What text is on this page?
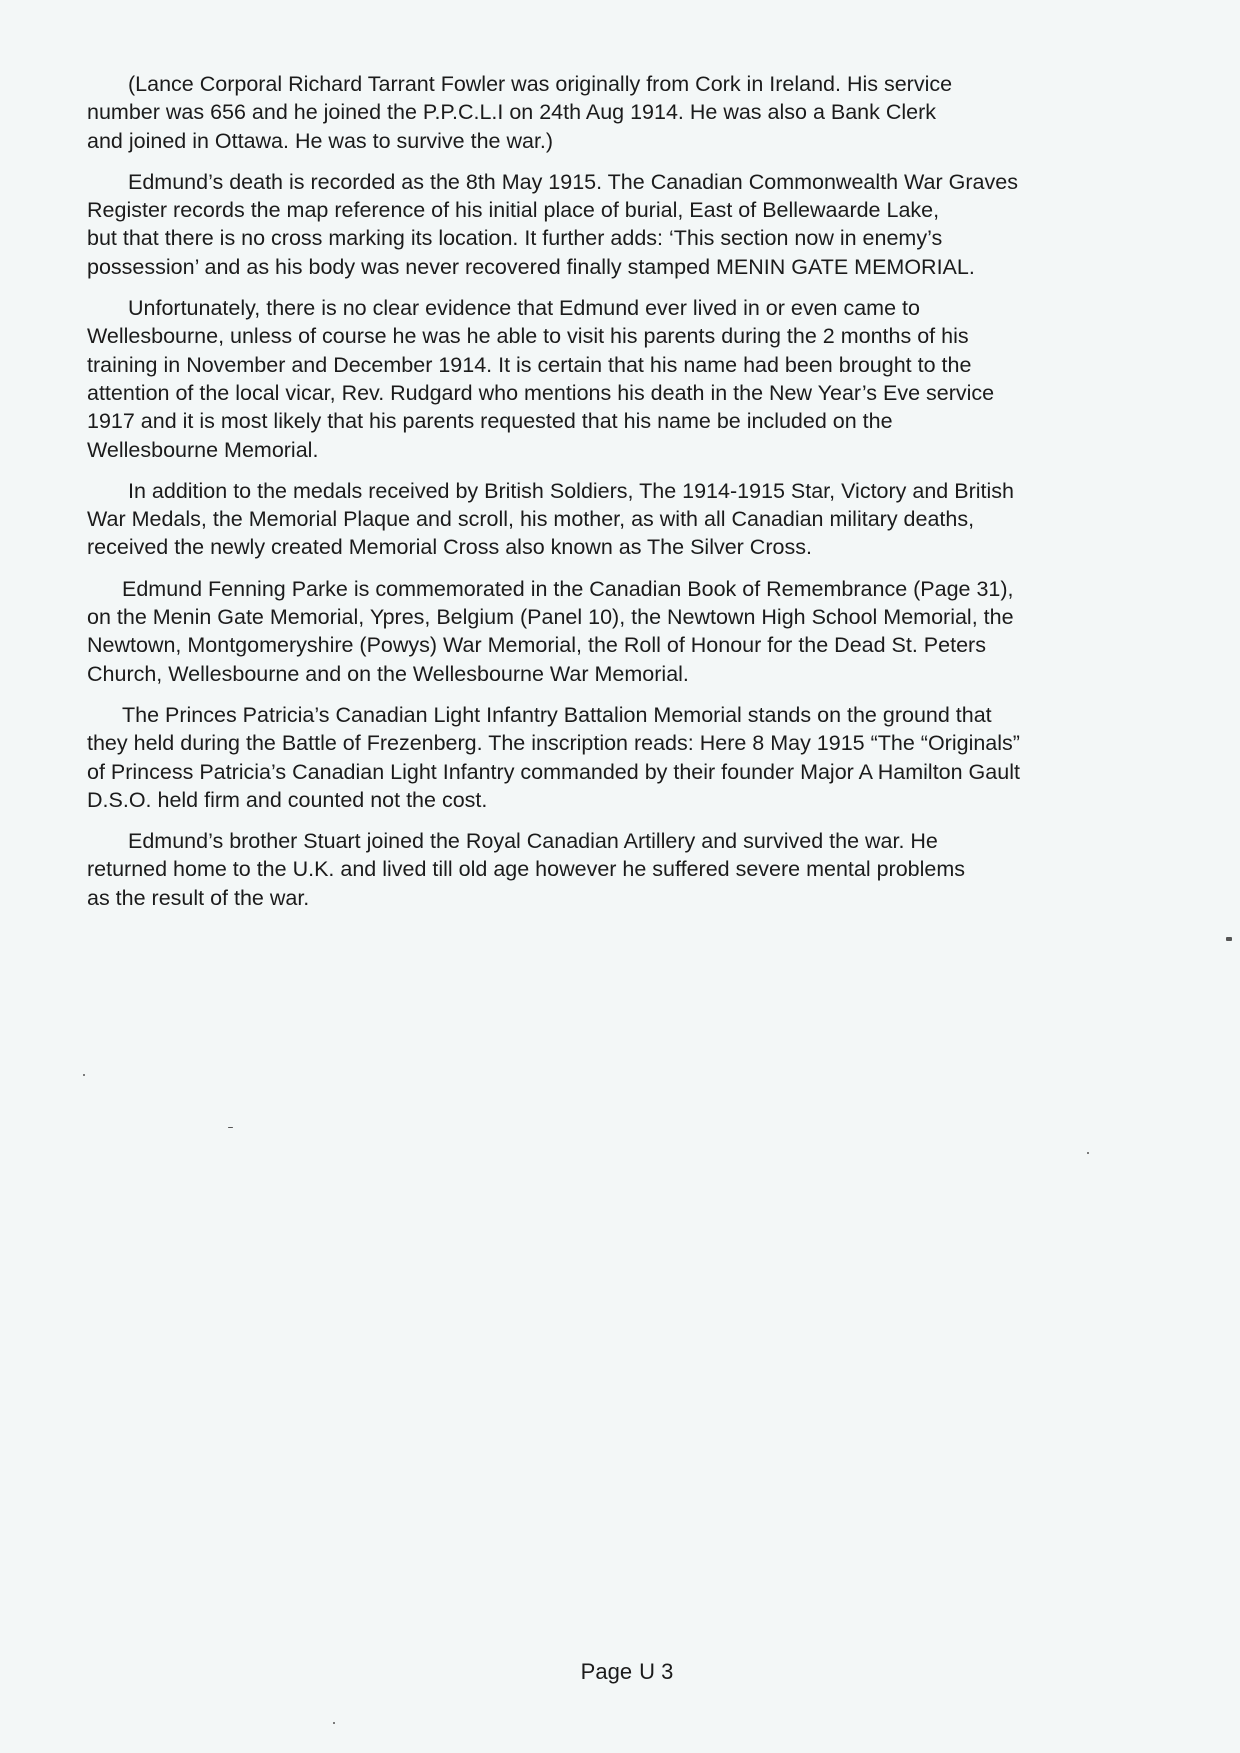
(Lance Corporal Richard Tarrant Fowler was originally from Cork in Ireland. His service
number was 656 and he joined the P.P.C.L.I on 24th Aug 1914. He was also a Bank Clerk
and joined in Ottawa. He was to survive the war.)

Edmund’s death is recorded as the 8th May 1915. The Canadian Commonwealth War Graves
Register records the map reference of his initial place of burial, East of Bellewaarde Lake,
but that there is no cross marking its location. It further adds: ‘This section now in enemy’s
possession’ and as his body was never recovered finally stamped MENIN GATE MEMORIAL.

Unfortunately, there is no clear evidence that Edmund ever lived in or even came to
Wellesbourne, unless of course he was he able to visit his parents during the 2 months of his
training in November and December 1914. It is certain that his name had been brought to the
attention of the local vicar, Rev. Rudgard who mentions his death in the New Year’s Eve service
1917 and it is most likely that his parents requested that his name be included on the
Wellesbourne Memorial.

In addition to the medals received by British Soldiers, The 1914-1915 Star, Victory and British
War Medals, the Memorial Plaque and scroll, his mother, as with all Canadian military deaths,
received the newly created Memorial Cross also known as The Silver Cross.

Edmund Fenning Parke is commemorated in the Canadian Book of Remembrance (Page 31),
on the Menin Gate Memorial, Ypres, Belgium (Panel 10), the Newtown High School Memorial, the
Newtown, Montgomeryshire (Powys) War Memorial, the Roll of Honour for the Dead St. Peters
Church, Wellesbourne and on the Wellesbourne War Memorial.

The Princes Patricia’s Canadian Light Infantry Battalion Memorial stands on the ground that
they held during the Battle of Frezenberg. The inscription reads: Here 8 May 1915 “The “Originals”
of Princess Patricia’s Canadian Light Infantry commanded by their founder Major A Hamilton Gault
D.S.O. held firm and counted not the cost.

Edmund’s brother Stuart joined the Royal Canadian Artillery and survived the war. He
returned home to the U.K. and lived till old age however he suffered severe mental problems
as the result of the war.

Page U 3
